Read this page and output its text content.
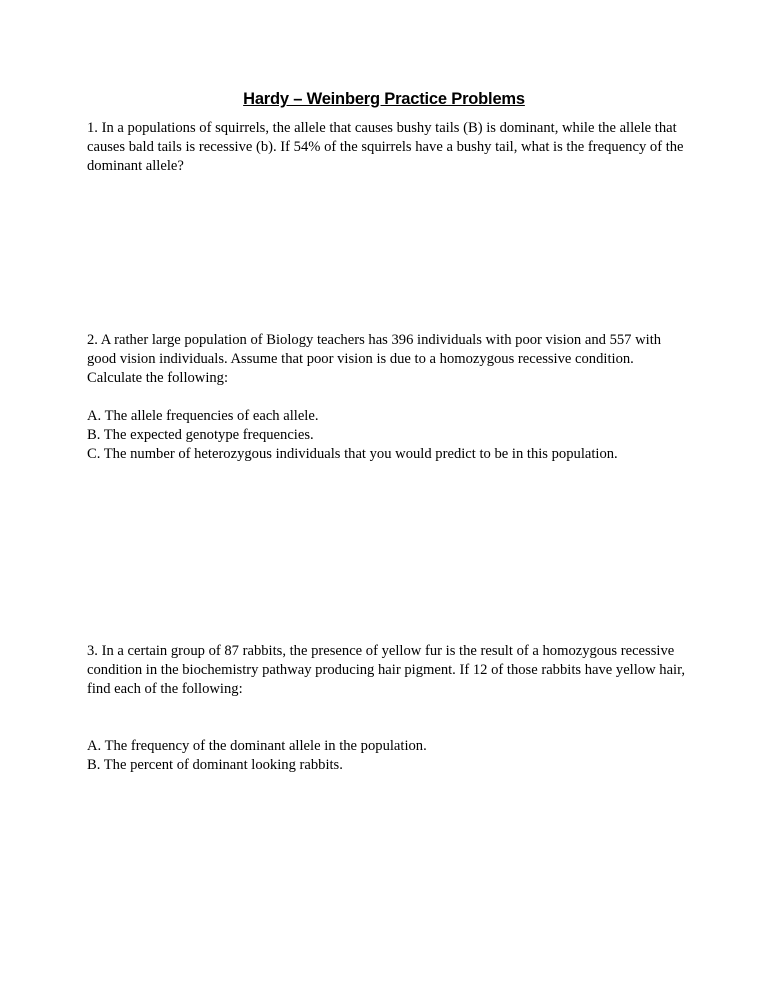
Hardy – Weinberg Practice Problems

1. In a populations of squirrels, the allele that causes bushy tails (B) is dominant, while the allele that causes bald tails is recessive (b). If 54% of the squirrels have a bushy tail, what is the frequency of the dominant allele?

2. A rather large population of Biology teachers has 396 individuals with poor vision and 557 with good vision individuals. Assume that poor vision is due to a homozygous recessive condition. Calculate the following:

A. The allele frequencies of each allele.
B. The expected genotype frequencies.
C. The number of heterozygous individuals that you would predict to be in this population.

3. In a certain group of 87 rabbits, the presence of yellow fur is the result of a homozygous recessive condition in the biochemistry pathway producing hair pigment. If 12 of those rabbits have yellow hair, find each of the following:

A. The frequency of the dominant allele in the population.
B. The percent of dominant looking rabbits.
